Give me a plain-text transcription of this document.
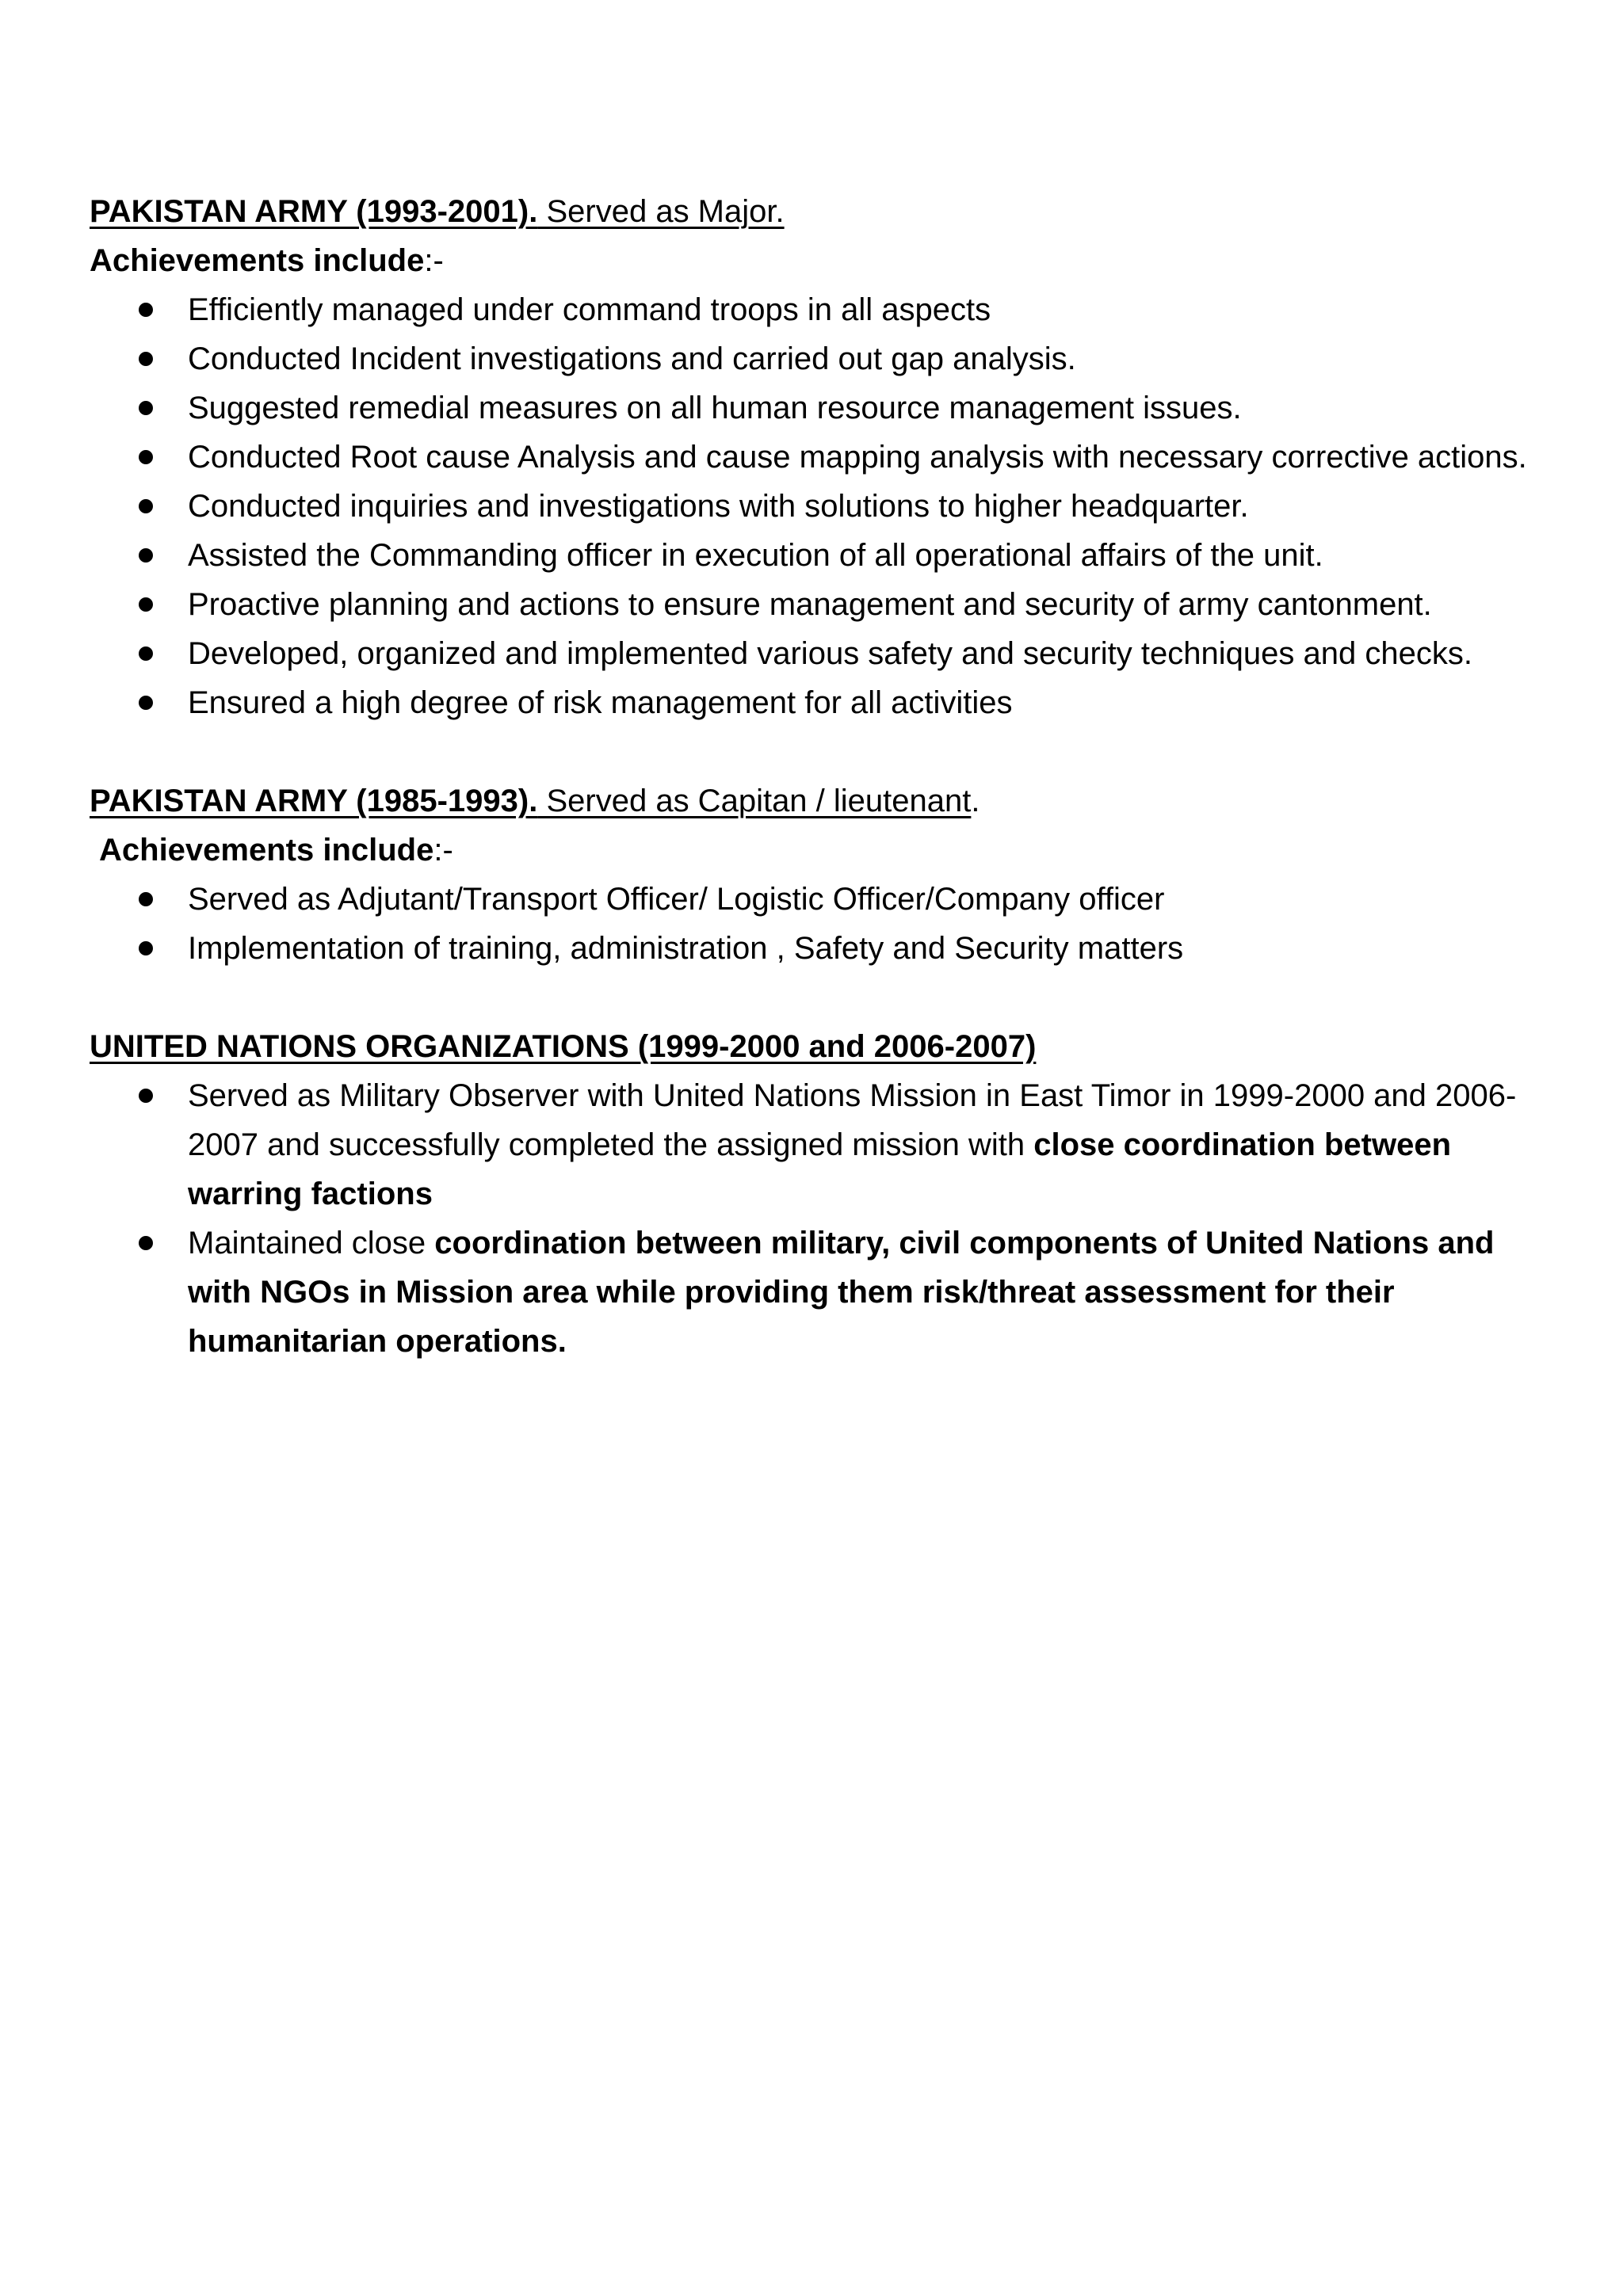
PAKISTAN ARMY (1993-2001). Served as Major.

Achievements include:-

Efficiently managed under command troops in all aspects
Conducted Incident investigations and carried out gap analysis.
Suggested remedial measures on all human resource management issues.
Conducted Root cause Analysis and cause mapping analysis with necessary corrective actions.
Conducted inquiries and investigations with solutions to higher headquarter.
Assisted the Commanding officer in execution of all operational affairs of the unit.
Proactive planning and actions to ensure management and security of army cantonment.
Developed, organized and implemented various safety and security techniques and checks.
Ensured a high degree of risk management for all activities

PAKISTAN ARMY (1985-1993). Served as Capitan / lieutenant.

Achievements include:-

Served as Adjutant/Transport Officer/ Logistic Officer/Company officer
Implementation of training, administration , Safety and Security matters

UNITED NATIONS ORGANIZATIONS (1999-2000 and 2006-2007)

Served as Military Observer with United Nations Mission in East Timor in 1999-2000 and 2006-2007 and successfully completed the assigned mission with close coordination between warring factions
Maintained close coordination between military, civil components of United Nations and with NGOs in Mission area while providing them risk/threat assessment for their humanitarian operations.
